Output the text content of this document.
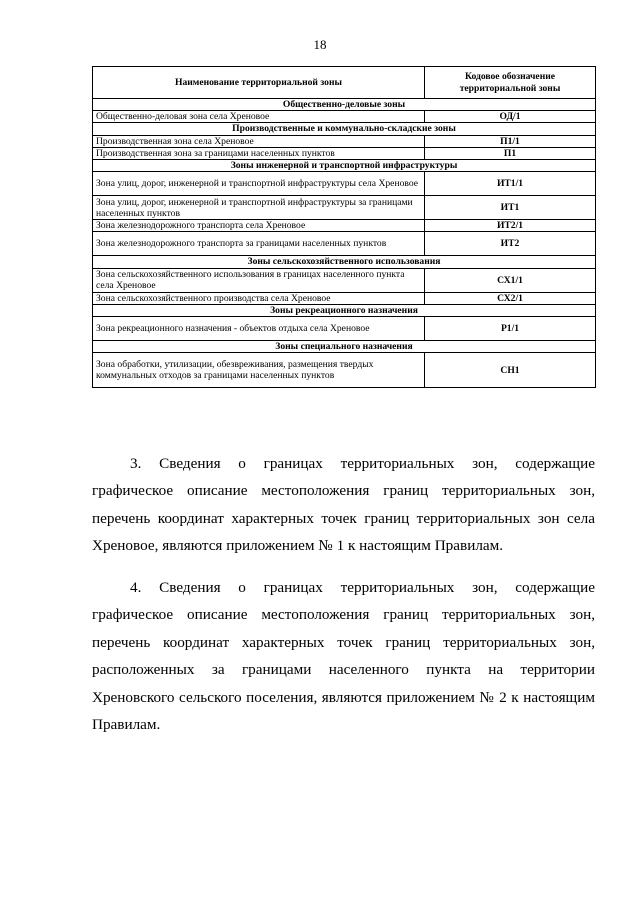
18
Наименование территориальной зоны	Кодовое обозначение территориальной зоны
Общественно-деловые зоны	
Общественно-деловая зона села Хреновое	ОД/1
Производственные и коммунально-складские зоны	
Производственная зона села Хреновое	П1/1
Производственная зона за границами населенных пунктов	П1
Зоны инженерной и транспортной инфраструктуры	
Зона улиц, дорог, инженерной и транспортной инфраструктуры села Хреновое	ИТ1/1
Зона улиц, дорог, инженерной и транспортной инфраструктуры за границами населенных пунктов	ИТ1
Зона железнодорожного транспорта села Хреновое	ИТ2/1
Зона железнодорожного транспорта за границами населенных пунктов	ИТ2
Зоны сельскохозяйственного использования	
Зона сельскохозяйственного использования в границах населенного пункта села Хреновое	СХ1/1
Зона сельскохозяйственного производства села Хреновое	СХ2/1
Зоны рекреационного назначения	
Зона рекреационного назначения - объектов отдыха села Хреновое	Р1/1
Зоны специального назначения	
Зона обработки, утилизации, обезвреживания, размещения твердых коммунальных отходов за границами населенных пунктов	СН1

3. Сведения о границах территориальных зон, содержащие графическое описание местоположения границ территориальных зон, перечень координат характерных точек границ территориальных зон села Хреновое, являются приложением № 1 к настоящим Правилам.

4. Сведения о границах территориальных зон, содержащие графическое описание местоположения границ территориальных зон, перечень координат характерных точек границ территориальных зон, расположенных за границами населенного пункта на территории Хреновского сельского поселения, являются приложением № 2 к настоящим Правилам.
